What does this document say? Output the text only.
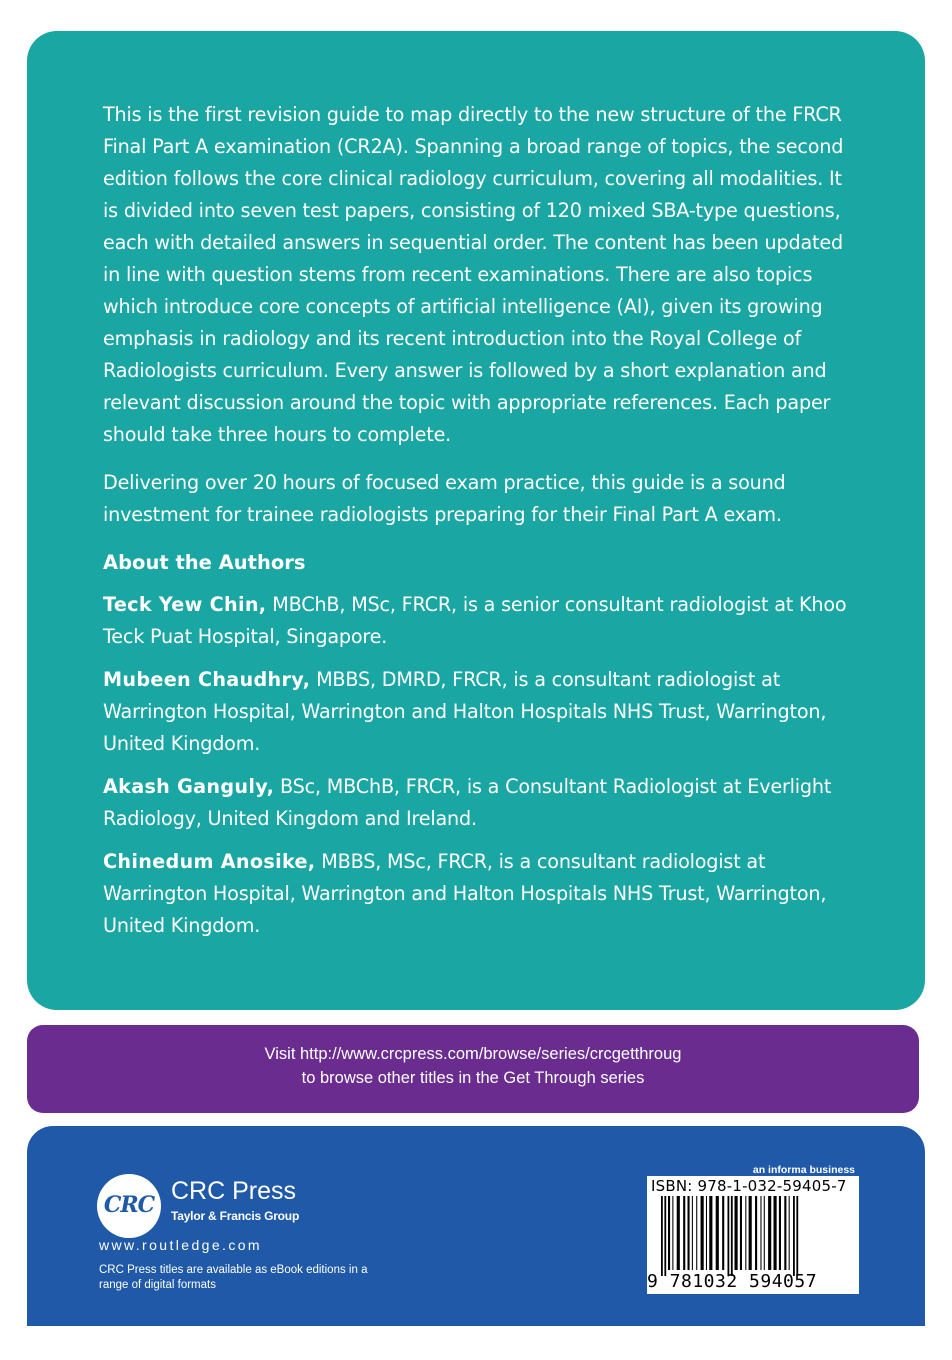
This is the first revision guide to map directly to the new structure of the FRCR Final Part A examination (CR2A). Spanning a broad range of topics, the second edition follows the core clinical radiology curriculum, covering all modalities. It is divided into seven test papers, consisting of 120 mixed SBA-type questions, each with detailed answers in sequential order. The content has been updated in line with question stems from recent examinations. There are also topics which introduce core concepts of artificial intelligence (AI), given its growing emphasis in radiology and its recent introduction into the Royal College of Radiologists curriculum. Every answer is followed by a short explanation and relevant discussion around the topic with appropriate references. Each paper should take three hours to complete.

Delivering over 20 hours of focused exam practice, this guide is a sound investment for trainee radiologists preparing for their Final Part A exam.

About the Authors

Teck Yew Chin, MBChB, MSc, FRCR, is a senior consultant radiologist at Khoo Teck Puat Hospital, Singapore.

Mubeen Chaudhry, MBBS, DMRD, FRCR, is a consultant radiologist at Warrington Hospital, Warrington and Halton Hospitals NHS Trust, Warrington, United Kingdom.

Akash Ganguly, BSc, MBChB, FRCR, is a Consultant Radiologist at Everlight Radiology, United Kingdom and Ireland.

Chinedum Anosike, MBBS, MSc, FRCR, is a consultant radiologist at Warrington Hospital, Warrington and Halton Hospitals NHS Trust, Warrington, United Kingdom.

Visit http://www.crcpress.com/browse/series/crcgetthroug
to browse other titles in the Get Through series
CRC CRC Press
Taylor & Francis Group
www.routledge.com
CRC Press titles are available as eBook editions in a range of digital formats
an informa business
ISBN: 978-1-032-59405-7
9 781032 594057
